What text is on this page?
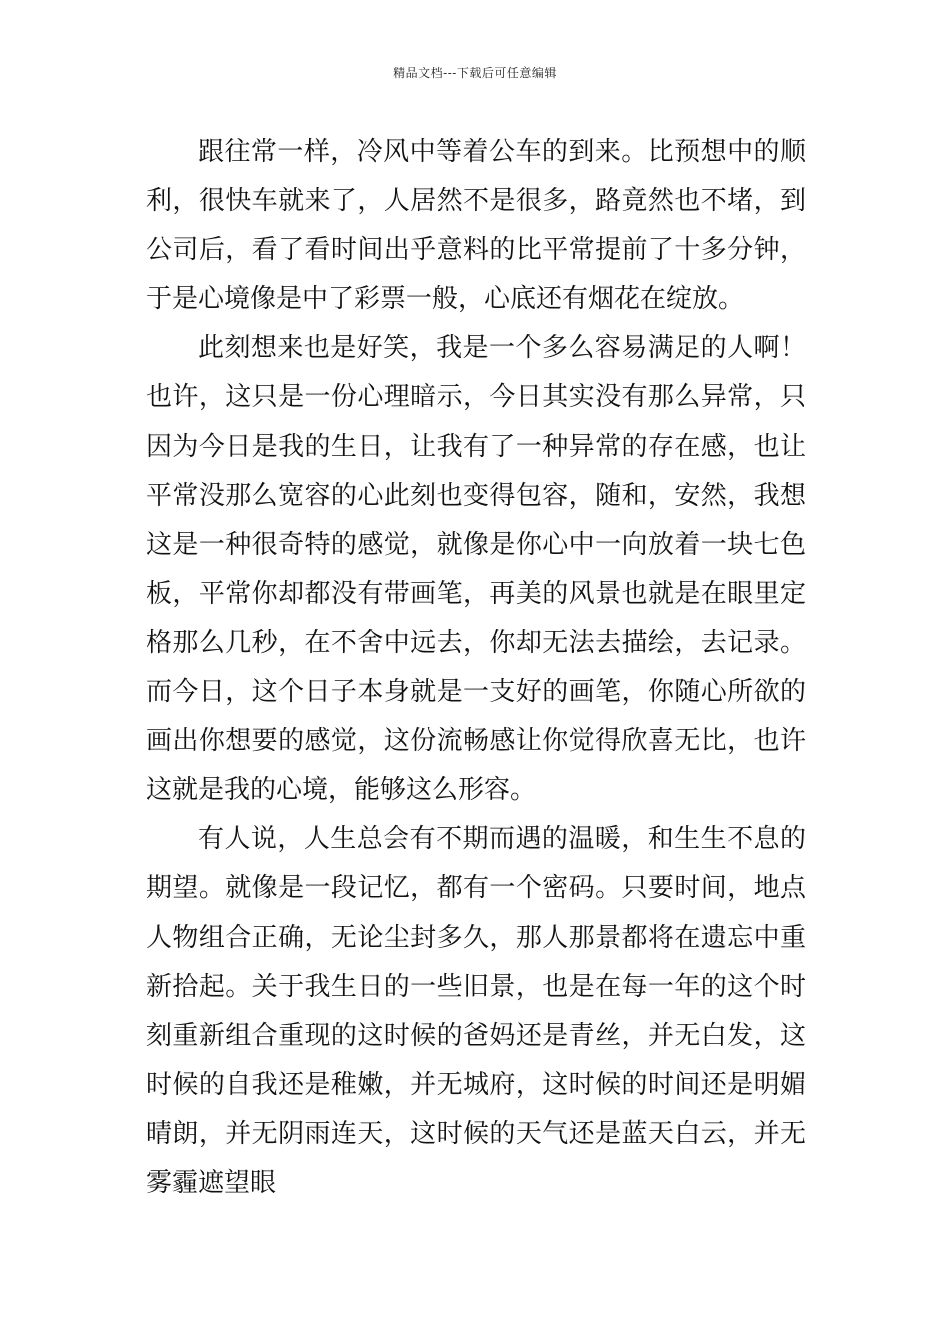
精品文档---下载后可任意编辑

跟往常一样，冷风中等着公车的到来。比预想中的顺利，很快车就来了，人居然不是很多，路竟然也不堵，到公司后，看了看时间出乎意料的比平常提前了十多分钟，于是心境像是中了彩票一般，心底还有烟花在绽放。

此刻想来也是好笑，我是一个多么容易满足的人啊！也许，这只是一份心理暗示，今日其实没有那么异常，只因为今日是我的生日，让我有了一种异常的存在感，也让平常没那么宽容的心此刻也变得包容，随和，安然，我想这是一种很奇特的感觉，就像是你心中一向放着一块七色板，平常你却都没有带画笔，再美的风景也就是在眼里定格那么几秒，在不舍中远去，你却无法去描绘，去记录。而今日，这个日子本身就是一支好的画笔，你随心所欲的画出你想要的感觉，这份流畅感让你觉得欣喜无比，也许这就是我的心境，能够这么形容。

有人说，人生总会有不期而遇的温暖，和生生不息的期望。就像是一段记忆，都有一个密码。只要时间，地点人物组合正确，无论尘封多久，那人那景都将在遗忘中重新拾起。关于我生日的一些旧景，也是在每一年的这个时刻重新组合重现的这时候的爸妈还是青丝，并无白发，这时候的自我还是稚嫩，并无城府，这时候的时间还是明媚晴朗，并无阴雨连天，这时候的天气还是蓝天白云，并无雾霾遮望眼
